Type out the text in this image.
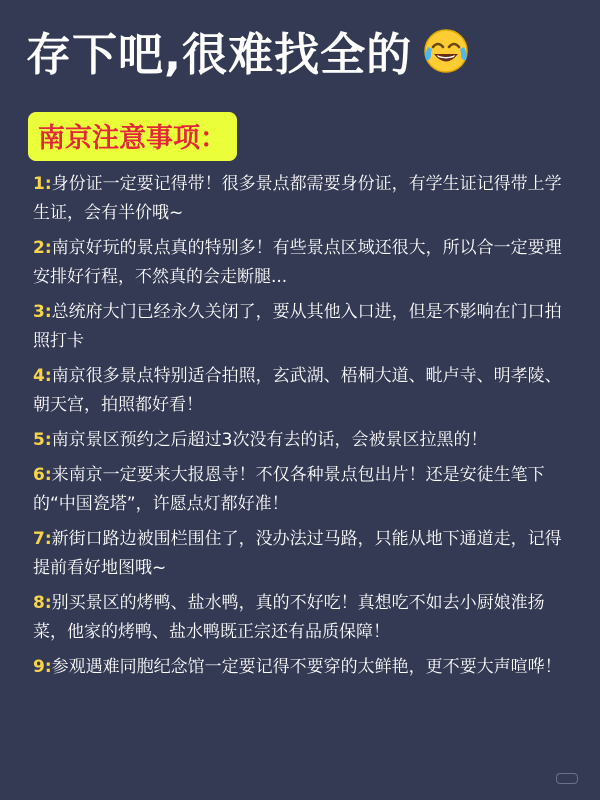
存下吧,很难找全的
南京注意事项：
1:身份证一定要记得带！很多景点都需要身份证，有学生证记得带上学生证，会有半价哦~
2:南京好玩的景点真的特别多！有些景点区域还很大，所以合一定要理安排好行程，不然真的会走断腿...
3:总统府大门已经永久关闭了，要从其他入口进，但是不影响在门口拍照打卡
4:南京很多景点特别适合拍照，玄武湖、梧桐大道、毗卢寺、明孝陵、朝天宫，拍照都好看！
5:南京景区预约之后超过3次没有去的话，会被景区拉黑的！
6:来南京一定要来大报恩寺！不仅各种景点包出片！还是安徒生笔下的“中国瓷塔”，许愿点灯都好准！
7:新街口路边被围栏围住了，没办法过马路，只能从地下通道走，记得提前看好地图哦~
8:别买景区的烤鸭、盐水鸭，真的不好吃！真想吃不如去小厨娘淮扬菜，他家的烤鸭、盐水鸭既正宗还有品质保障！
9:参观遇难同胞纪念馆一定要记得不要穿的太鲜艳，更不要大声喧哗！
